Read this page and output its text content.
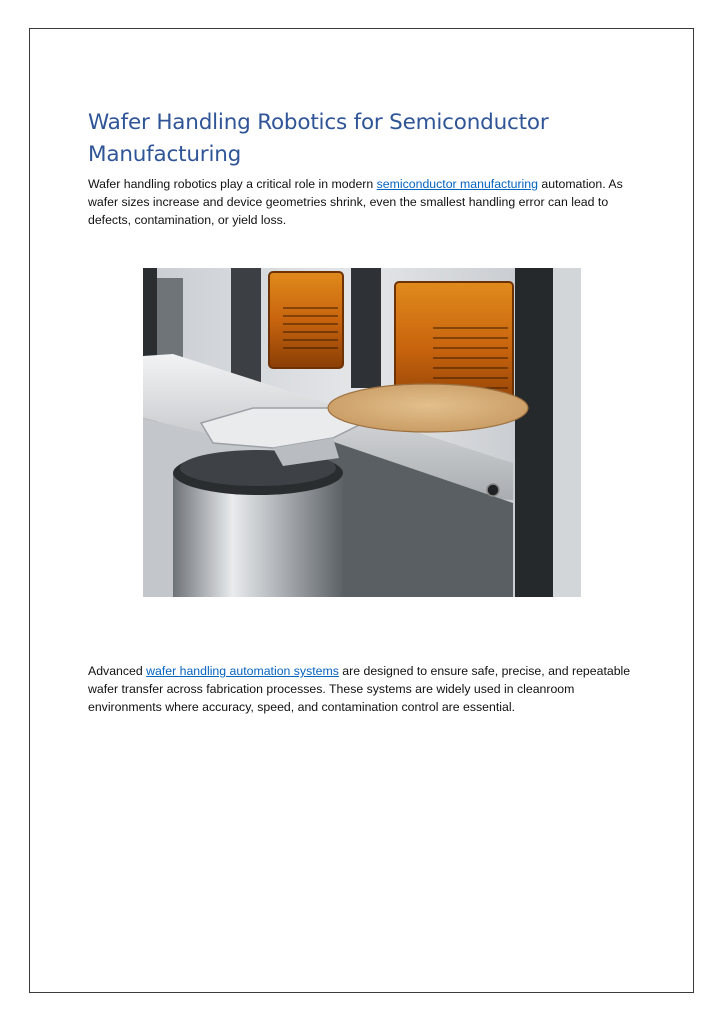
Wafer Handling Robotics for Semiconductor Manufacturing

Wafer handling robotics play a critical role in modern semiconductor manufacturing automation. As wafer sizes increase and device geometries shrink, even the smallest handling error can lead to defects, contamination, or yield loss.

Advanced wafer handling automation systems are designed to ensure safe, precise, and repeatable wafer transfer across fabrication processes. These systems are widely used in cleanroom environments where accuracy, speed, and contamination control are essential.
